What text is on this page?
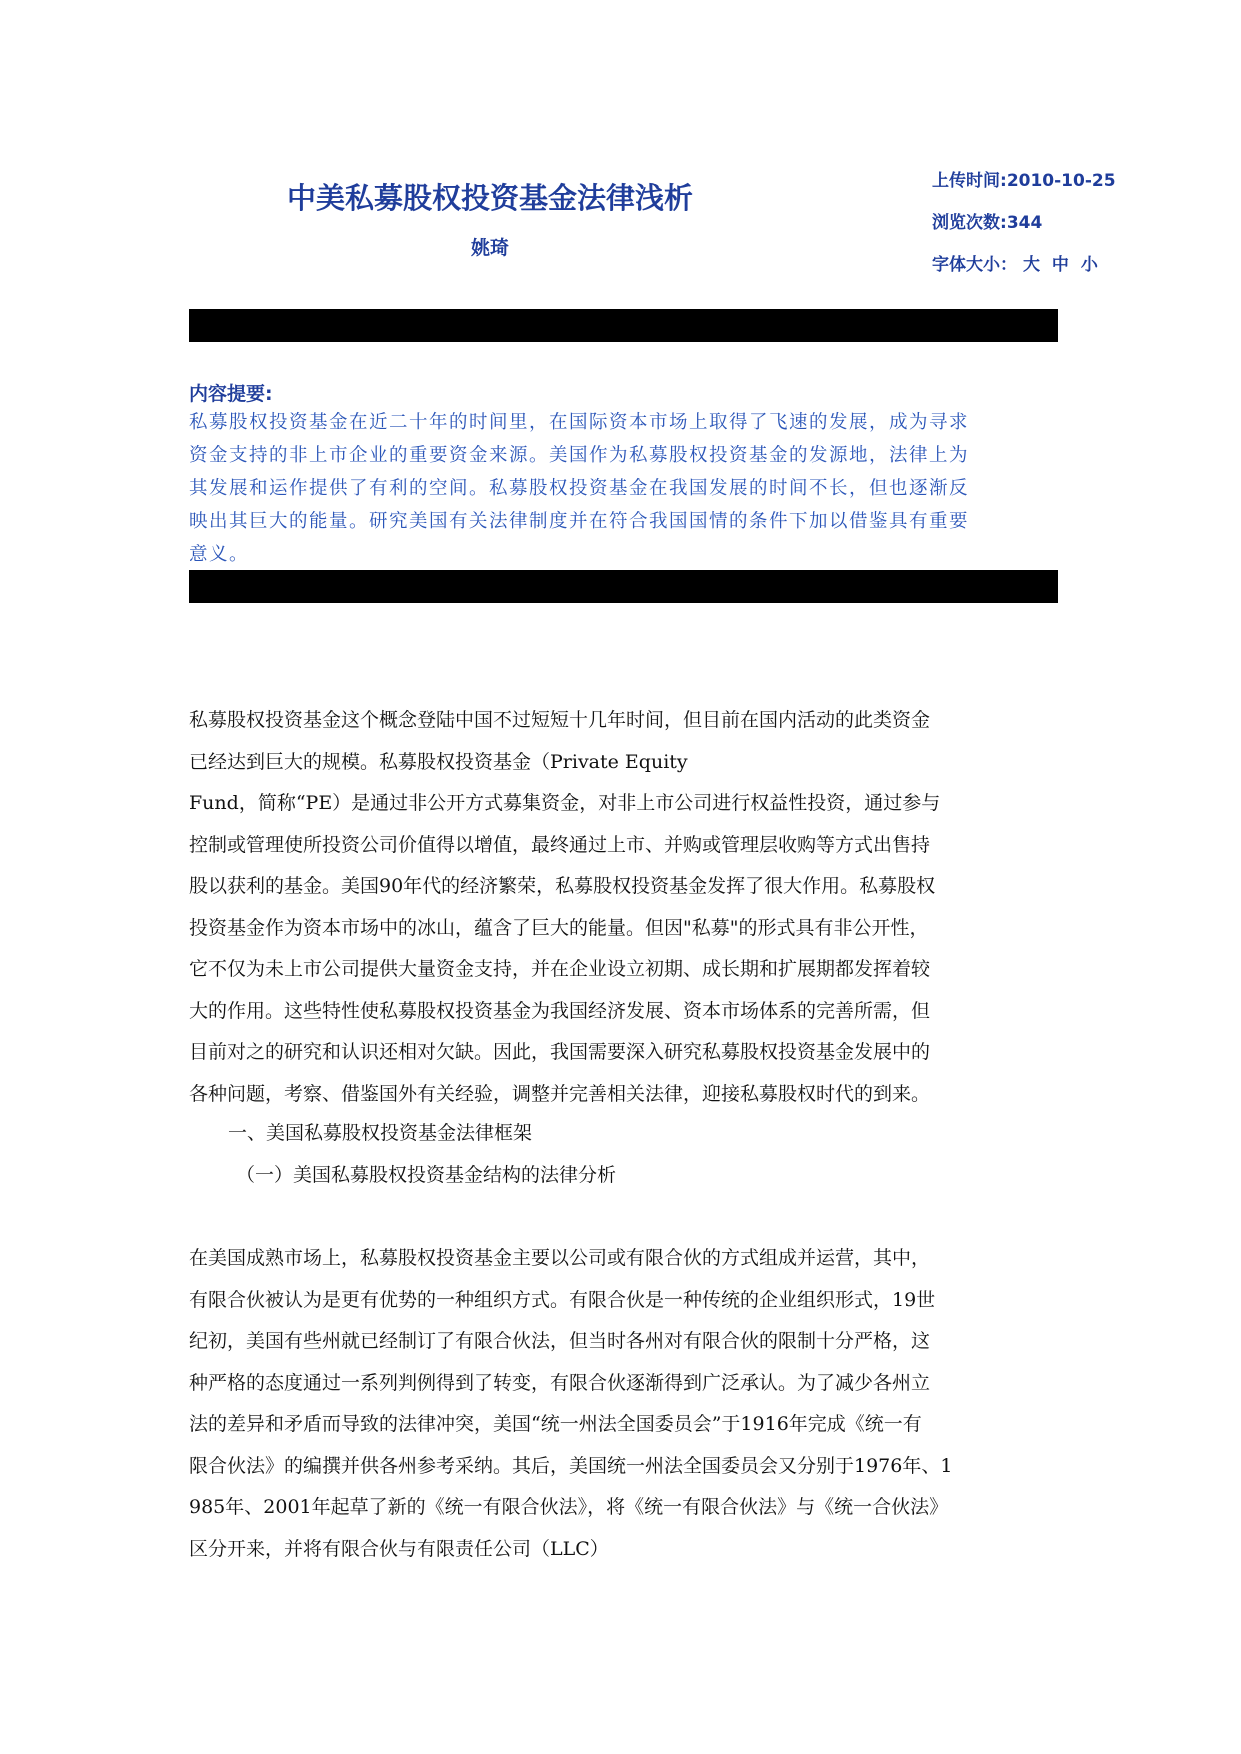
中美私募股权投资基金法律浅析
姚琦
上传时间:2010-10-25
浏览次数:344
字体大小： 大 中 小
内容提要:
私募股权投资基金在近二十年的时间里，在国际资本市场上取得了飞速的发展，成为寻求
资金支持的非上市企业的重要资金来源。美国作为私募股权投资基金的发源地，法律上为
其发展和运作提供了有利的空间。私募股权投资基金在我国发展的时间不长，但也逐渐反
映出其巨大的能量。研究美国有关法律制度并在符合我国国情的条件下加以借鉴具有重要
意义。
私募股权投资基金这个概念登陆中国不过短短十几年时间，但目前在国内活动的此类资金
已经达到巨大的规模。私募股权投资基金（Private Equity
Fund，简称“PE）是通过非公开方式募集资金，对非上市公司进行权益性投资，通过参与
控制或管理使所投资公司价值得以增值，最终通过上市、并购或管理层收购等方式出售持
股以获利的基金。美国90年代的经济繁荣，私募股权投资基金发挥了很大作用。私募股权
投资基金作为资本市场中的冰山，蕴含了巨大的能量。但因"私募"的形式具有非公开性，
它不仅为未上市公司提供大量资金支持，并在企业设立初期、成长期和扩展期都发挥着较
大的作用。这些特性使私募股权投资基金为我国经济发展、资本市场体系的完善所需，但
目前对之的研究和认识还相对欠缺。因此，我国需要深入研究私募股权投资基金发展中的
各种问题，考察、借鉴国外有关经验，调整并完善相关法律，迎接私募股权时代的到来。
一、美国私募股权投资基金法律框架
（一）美国私募股权投资基金结构的法律分析
在美国成熟市场上，私募股权投资基金主要以公司或有限合伙的方式组成并运营，其中，
有限合伙被认为是更有优势的一种组织方式。有限合伙是一种传统的企业组织形式，19世
纪初，美国有些州就已经制订了有限合伙法，但当时各州对有限合伙的限制十分严格，这
种严格的态度通过一系列判例得到了转变，有限合伙逐渐得到广泛承认。为了减少各州立
法的差异和矛盾而导致的法律冲突，美国“统一州法全国委员会”于1916年完成《统一有
限合伙法》的编撰并供各州参考采纳。其后，美国统一州法全国委员会又分别于1976年、1
985年、2001年起草了新的《统一有限合伙法》，将《统一有限合伙法》与《统一合伙法》
区分开来，并将有限合伙与有限责任公司（LLC）
